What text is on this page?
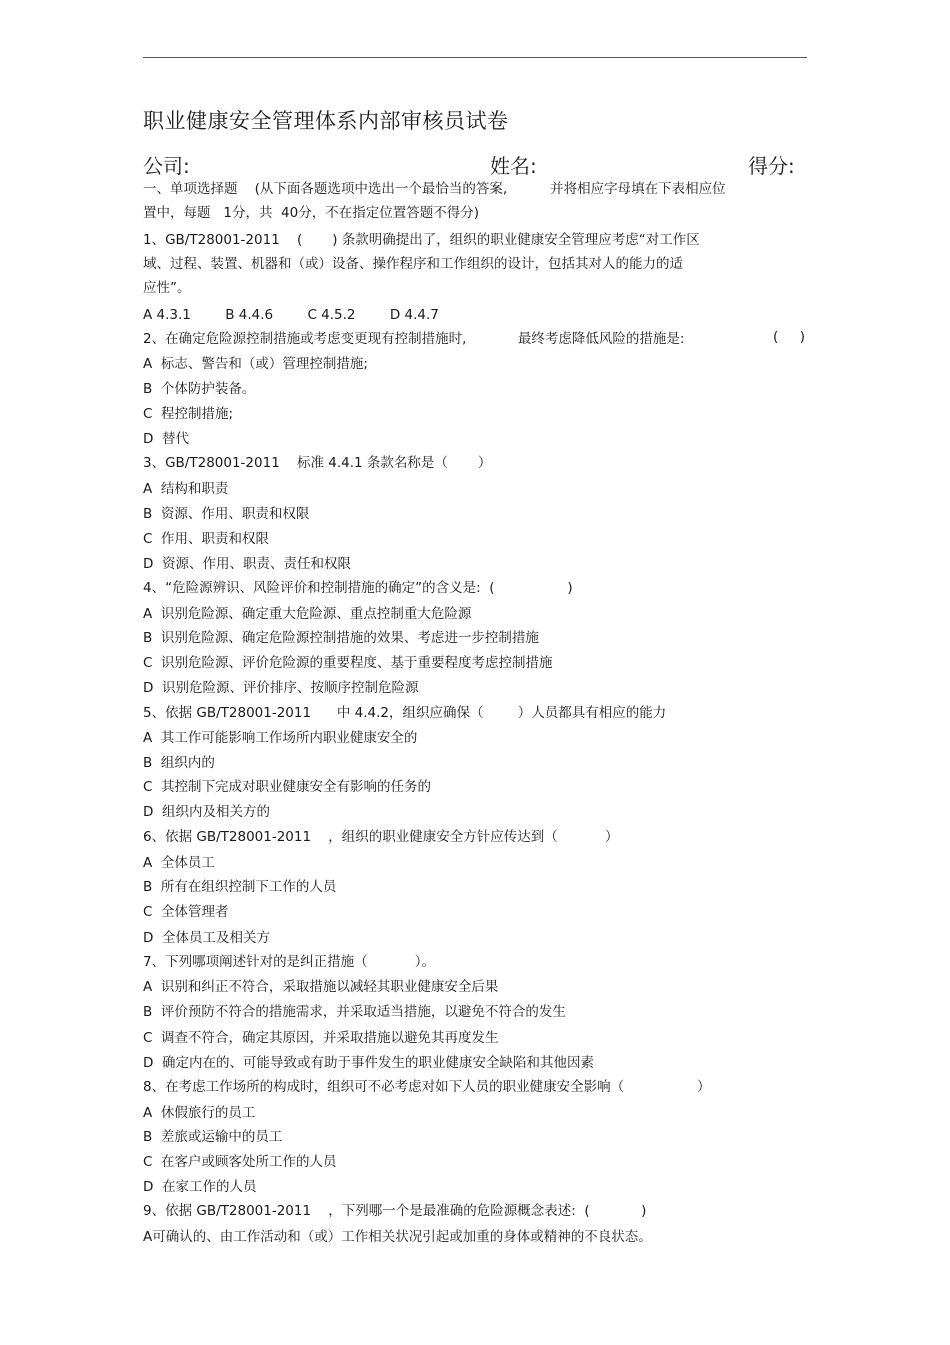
职业健康安全管理体系内部审核员试卷
公司:	姓名:	得分:
一、单项选择题    (从下面各题选项中选出一个最恰当的答案,          并将相应字母填在下表相应位
置中，每题   1分，共  40分，不在指定位置答题不得分)
1、GB/T28001-2011    (       ) 条款明确提出了，组织的职业健康安全管理应考虑“对工作区
域、过程、装置、机器和（或）设备、操作程序和工作组织的设计，包括其对人的能力的适
应性”。
A 4.3.1        B 4.4.6        C 4.5.2        D 4.4.7
2、在确定危险源控制措施或考虑变更现有控制措施时,            最终考虑降低风险的措施是:
A  标志、警告和（或）管理控制措施;
B  个体防护装备。
C  程控制措施;
D  替代
3、GB/T28001-2011    标准 4.4.1 条款名称是（       ）
A  结构和职责
B  资源、作用、职责和权限
C  作用、职责和权限
D  资源、作用、职责、责任和权限
4、“危险源辨识、风险评价和控制措施的确定”的含义是:  (                 )
A  识别危险源、确定重大危险源、重点控制重大危险源
B  识别危险源、确定危险源控制措施的效果、考虑进一步控制措施
C  识别危险源、评价危险源的重要程度、基于重要程度考虑控制措施
D  识别危险源、评价排序、按顺序控制危险源
5、依据 GB/T28001-2011      中 4.4.2，组织应确保（        ）人员都具有相应的能力
A  其工作可能影响工作场所内职业健康安全的
B  组织内的
C  其控制下完成对职业健康安全有影响的任务的
D  组织内及相关方的
6、依据 GB/T28001-2011    ，组织的职业健康安全方针应传达到（           ）
A  全体员工
B  所有在组织控制下工作的人员
C  全体管理者
D  全体员工及相关方
7、下列哪项阐述针对的是纠正措施（           ）。
A  识别和纠正不符合，采取措施以减轻其职业健康安全后果
B  评价预防不符合的措施需求，并采取适当措施，以避免不符合的发生
C  调查不符合，确定其原因，并采取措施以避免其再度发生
D  确定内在的、可能导致或有助于事件发生的职业健康安全缺陷和其他因素
8、在考虑工作场所的构成时，组织可不必考虑对如下人员的职业健康安全影响（                 ）
A  休假旅行的员工
B  差旅或运输中的员工
C  在客户或顾客处所工作的人员
D  在家工作的人员
9、依据 GB/T28001-2011    ，下列哪一个是最准确的危险源概念表述:  (            )
A可确认的、由工作活动和（或）工作相关状况引起或加重的身体或精神的不良状态。
(     )
